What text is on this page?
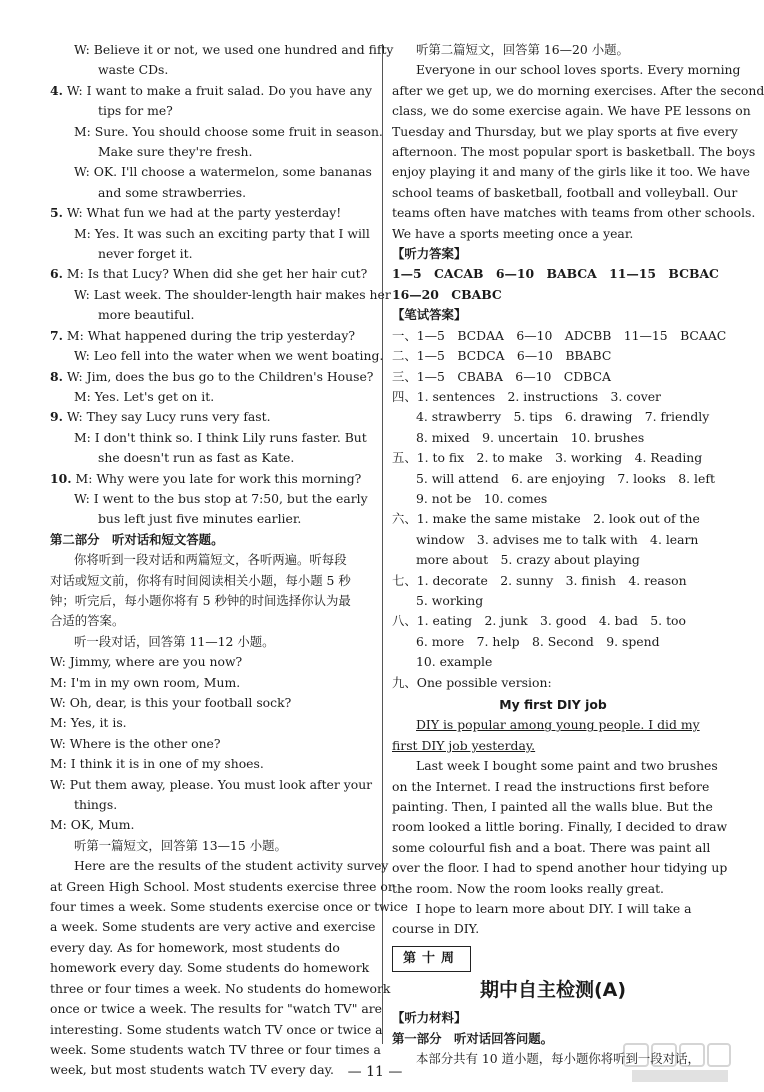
W: Believe it or not, we used one hundred and fifty
waste CDs.
4. W: I want to make a fruit salad. Do you have any
tips for me?
M: Sure. You should choose some fruit in season.
Make sure they're fresh.
W: OK. I'll choose a watermelon, some bananas
and some strawberries.
5. W: What fun we had at the party yesterday!
M: Yes. It was such an exciting party that I will
never forget it.
6. M: Is that Lucy? When did she get her hair cut?
W: Last week. The shoulder-length hair makes her
more beautiful.
7. M: What happened during the trip yesterday?
W: Leo fell into the water when we went boating.
8. W: Jim, does the bus go to the Children's House?
M: Yes. Let's get on it.
9. W: They say Lucy runs very fast.
M: I don't think so. I think Lily runs faster. But
she doesn't run as fast as Kate.
10. M: Why were you late for work this morning?
W: I went to the bus stop at 7:50, but the early
bus left just five minutes earlier.
第二部分　听对话和短文答题。
你将听到一段对话和两篇短文，各听两遍。听每段
对话或短文前，你将有时间阅读相关小题，每小题 5 秒
钟；听完后，每小题你将有 5 秒钟的时间选择你认为最
合适的答案。
听一段对话，回答第 11—12 小题。
W: Jimmy, where are you now?
M: I'm in my own room, Mum.
W: Oh, dear, is this your football sock?
M: Yes, it is.
W: Where is the other one?
M: I think it is in one of my shoes.
W: Put them away, please. You must look after your
things.
M: OK, Mum.
听第一篇短文，回答第 13—15 小题。
Here are the results of the student activity survey
at Green High School. Most students exercise three or
four times a week. Some students exercise once or twice
a week. Some students are very active and exercise
every day. As for homework, most students do
homework every day. Some students do homework
three or four times a week. No students do homework
once or twice a week. The results for "watch TV" are
interesting. Some students watch TV once or twice a
week. Some students watch TV three or four times a
week, but most students watch TV every day.
听第二篇短文，回答第 16—20 小题。
Everyone in our school loves sports. Every morning
after we get up, we do morning exercises. After the second
class, we do some exercise again. We have PE lessons on
Tuesday and Thursday, but we play sports at five every
afternoon. The most popular sport is basketball. The boys
enjoy playing it and many of the girls like it too. We have
school teams of basketball, football and volleyball. Our
teams often have matches with teams from other schools.
We have a sports meeting once a year.
【听力答案】
1—5　CACAB　6—10　BABCA　11—15　BCBAC
16—20　CBABC
【笔试答案】
一、1—5　BCDAA　6—10　ADCBB　11—15　BCAAC
二、1—5　BCDCA　6—10　BBABC
三、1—5　CBABA　6—10　CDBCA
四、1. sentences　2. instructions　3. cover
4. strawberry　5. tips　6. drawing　7. friendly
8. mixed　9. uncertain　10. brushes
五、1. to fix　2. to make　3. working　4. Reading
5. will attend　6. are enjoying　7. looks　8. left
9. not be　10. comes
六、1. make the same mistake　2. look out of the
window　3. advises me to talk with　4. learn
more about　5. crazy about playing
七、1. decorate　2. sunny　3. finish　4. reason
5. working
八、1. eating　2. junk　3. good　4. bad　5. too
6. more　7. help　8. Second　9. spend
10. example
九、One possible version:
My first DIY job
DIY is popular among young people. I did my
first DIY job yesterday.
Last week I bought some paint and two brushes
on the Internet. I read the instructions first before
painting. Then, I painted all the walls blue. But the
room looked a little boring. Finally, I decided to draw
some colourful fish and a boat. There was paint all
over the floor. I had to spend another hour tidying up
the room. Now the room looks really great.
I hope to learn more about DIY. I will take a
course in DIY.
第十周
期中自主检测(A)
【听力材料】
第一部分　听对话回答问题。
本部分共有 10 道小题，每小题你将听到一段对话，
— 11 —
